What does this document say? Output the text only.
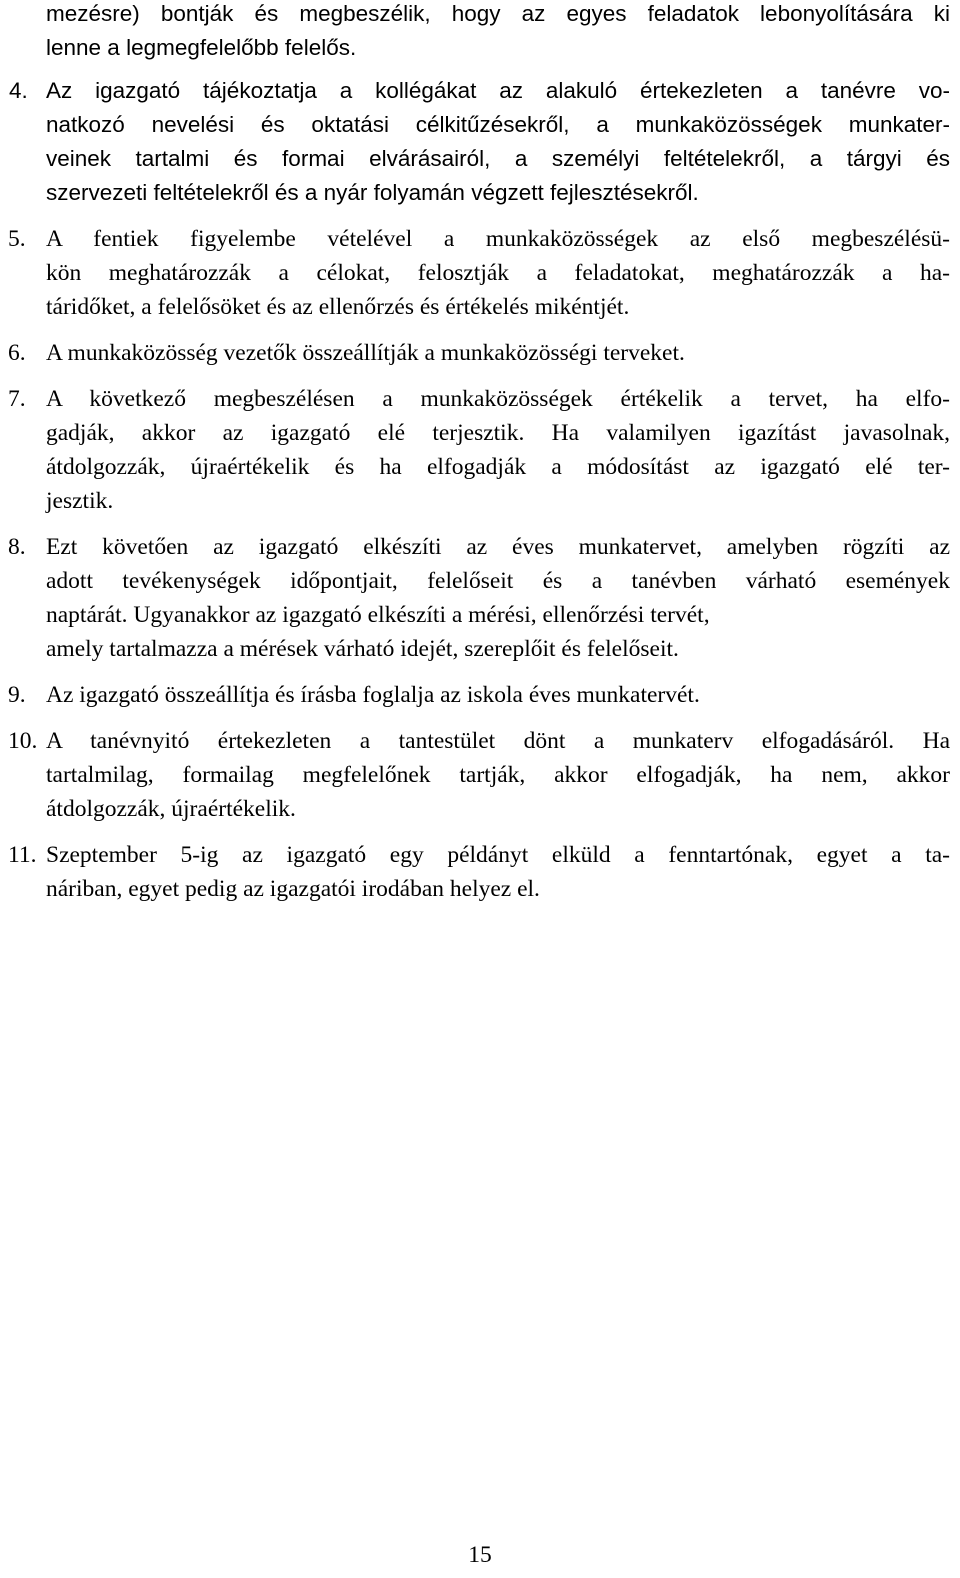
mezésre) bontják és megbeszélik, hogy az egyes feladatok lebonyolítására ki
lenne a legmegfelelőbb felelős.
4. Az igazgató tájékoztatja a kollégákat az alakuló értekezleten a tanévre vo-
natkozó nevelési és oktatási célkitűzésekről, a munkaközösségek munkater-
veinek tartalmi és formai elvárásairól, a személyi feltételekről, a tárgyi és
szervezeti feltételekről és a nyár folyamán végzett fejlesztésekről.
5. A fentiek figyelembe vételével a munkaközösségek az első megbeszélésü-
kön meghatározzák a célokat, felosztják a feladatokat, meghatározzák a ha-
táridőket, a felelősöket és az ellenőrzés és értékelés mikéntjét.
6. A munkaközösség vezetők összeállítják a munkaközösségi terveket.
7. A következő megbeszélésen a munkaközösségek értékelik a tervet, ha elfo-
gadják, akkor az igazgató elé terjesztik. Ha valamilyen igazítást javasolnak,
átdolgozzák, újraértékelik és ha elfogadják a módosítást az igazgató elé ter-
jesztik.
8. Ezt követően az igazgató elkészíti az éves munkatervet, amelyben rögzíti az
adott tevékenységek időpontjait, felelőseit és a tanévben várható események
naptárát. Ugyanakkor az igazgató elkészíti a mérési, ellenőrzési tervét,
amely tartalmazza a mérések várható idejét, szereplőit és felelőseit.
9. Az igazgató összeállítja és írásba foglalja az iskola éves munkatervét.
10. A tanévnyitó értekezleten a tantestület dönt a munkaterv elfogadásáról. Ha
tartalmilag, formailag megfelelőnek tartják, akkor elfogadják, ha nem, akkor
átdolgozzák, újraértékelik.
11. Szeptember 5-ig az igazgató egy példányt elküld a fenntartónak, egyet a ta-
náriban, egyet pedig az igazgatói irodában helyez el.
15
